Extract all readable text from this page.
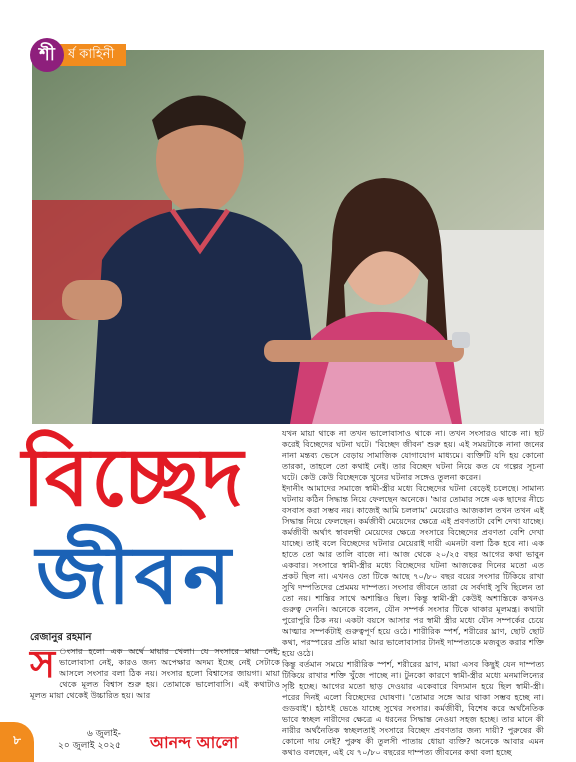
শী	র্ষ কাহিনী
বিচ্ছেদ
জীবন
রেজানুর রহমান
স ংসার হলো এক অর্থে মায়ার খেলা। যে সংসারে মায়া নেই, ভালোবাসা নেই, কারও জন্য অপেক্ষার অদম্য ইচ্ছে নেই সেটাকে আসলে সংসার বলা ঠিক নয়। সংসার হলো বিশ্বাসের জায়গা। মায়া থেকে মূলত বিশ্বাস শুরু হয়। তোমাকে ভালোবাসি। এই কথাটাও মূলত মায়া থেকেই উচ্চারিত হয়। আর

যখন মায়া থাকে না তখন ভালোবাসাও থাকে না। তখন সংসারও থাকে না। ছট করেই বিচ্ছেদের ঘটনা ঘটে। 'বিচ্ছেদ জীবন' শুরু হয়। এই সময়টাকে নানা জনের নানা মন্তব্য ভেসে বেড়ায় সামাজিক যোগাযোগ মাধ্যমে। ব্যক্তিটি যদি হয় কোনো তারকা, তাহলে তো কথাই নেই। তার বিচ্ছেদ ঘটনা নিয়ে কত যে গল্পের সূচনা ঘটে। কেউ কেউ বিচ্ছেদকে খুনের ঘটনার সঙ্গেও তুলনা করেন।

ইদানীং আমাদের সমাজে স্বামী-স্ত্রীর মধ্যে বিচ্ছেদের ঘটনা বেড়েই চলেছে। সামান্য ঘটনায় কঠিন সিদ্ধান্ত নিয়ে ফেলছেন অনেকে। 'আর তোমার সঙ্গে এক ছাদের নীচে বসবাস করা সম্ভব নয়। কাজেই আমি চললাম' মেয়েরাও আজকাল তখন তখন এই সিদ্ধান্ত নিয়ে ফেলছেন। কর্মজীবী মেয়েদের ক্ষেত্রে এই প্রবণতাটা বেশি দেখা যাচ্ছে। কর্মজীবী অর্থাৎ স্বাবলম্বী মেয়েদের ক্ষেত্রে সংসারে বিচ্ছেদের প্রবণতা বেশি দেখা যাচ্ছে। তাই বলে বিচ্ছেদের ঘটনার মেয়েরাই দায়ী এমনটা বলা ঠিক হবে না। এক হাতে তো আর তালি বাজে না। আজ থেকে ২০/২৫ বছর আগের কথা ভাবুন একবার। সংসারে স্বামী-স্ত্রীর মধ্যে বিচ্ছেদের ঘটনা আজকের দিনের মতো এত প্রকট ছিল না। এখনও তো টিকে আছে ৭০/৮০ বছর বয়ের সংসার টিকিয়ে রাখা সুখি দম্পতিদের প্রেমময় দাম্পত্য। সংসার জীবনে তারা যে সর্বদাই সুখি ছিলেন তা তো নয়। শান্তির সাথে অশান্তিও ছিল। কিন্তু স্বামী-স্ত্রী কেউই অশান্তিকে কখনও গুরুত্ব দেননি। অনেকে বলেন, যৌন সম্পর্ক সংসার টিকে থাকার মূলমন্ত্র। কথাটা পুরোপুরি ঠিক নয়। একটা বয়সে আসার পর স্বামী স্ত্রীর মধ্যে যৌন সম্পর্কের চেয়ে আত্মার সম্পর্কটাই গুরুত্বপূর্ণ হয়ে ওঠে। শারীরিক স্পর্শ, শরীরের ঘ্রাণ, ছোট ছোট কথা, পরস্পরের প্রতি মায়া আর ভালোবাসার টানই দাম্পত্যকে মজবুত করার শক্তি হয়ে ওঠে।

কিন্তু বর্তমান সময়ে শারীরিক স্পর্শ, শরীরের ঘ্রাণ, মায়া এসব কিছুই যেন দাম্পত্য টিকিয়ে রাখার শক্তি খুঁজে পাচ্ছে না। টুনকো কারণে স্বামী-স্ত্রীর মধ্যে মনমালিন্যের সৃষ্টি হচ্ছে। আগের মতো ছাড় দেওয়ার একেবারে বিদ্যমান হয়ে ছিল স্বামী-স্ত্রী। পরের দিনই এলো বিচ্ছেদের ঘোষণা। 'তোমার সঙ্গে আর থাকা সম্ভব হচ্ছে না। গুডবাই'। হঠাৎই ভেঙে যাচ্ছে সুখের সংসার। কর্মজীবী, বিশেষ করে অর্থনৈতিক ভাবে স্বচ্ছল নারীদের ক্ষেত্রে এ ধরনের সিদ্ধান্ত নেওয়া সহজ হচ্ছে। তার মানে কী নারীর অর্থনৈতিক স্বচ্ছলতাই সংসারে বিচ্ছেদ প্রবণতার জন্য দায়ী? পুরুষের কী কোনো দায় নেই? পুরুষ কী তুলসী পাতায় ধোয়া ব্যক্তি? অনেকে আবার এমন কথাও বলছেন, এই যে ৭০/৮০ বছরের দাম্পত্য জীবনের কথা বলা হচ্ছে

৮	৬ জুলাই-
২০ জুলাই ২০২৫ আনন্দ আলো
